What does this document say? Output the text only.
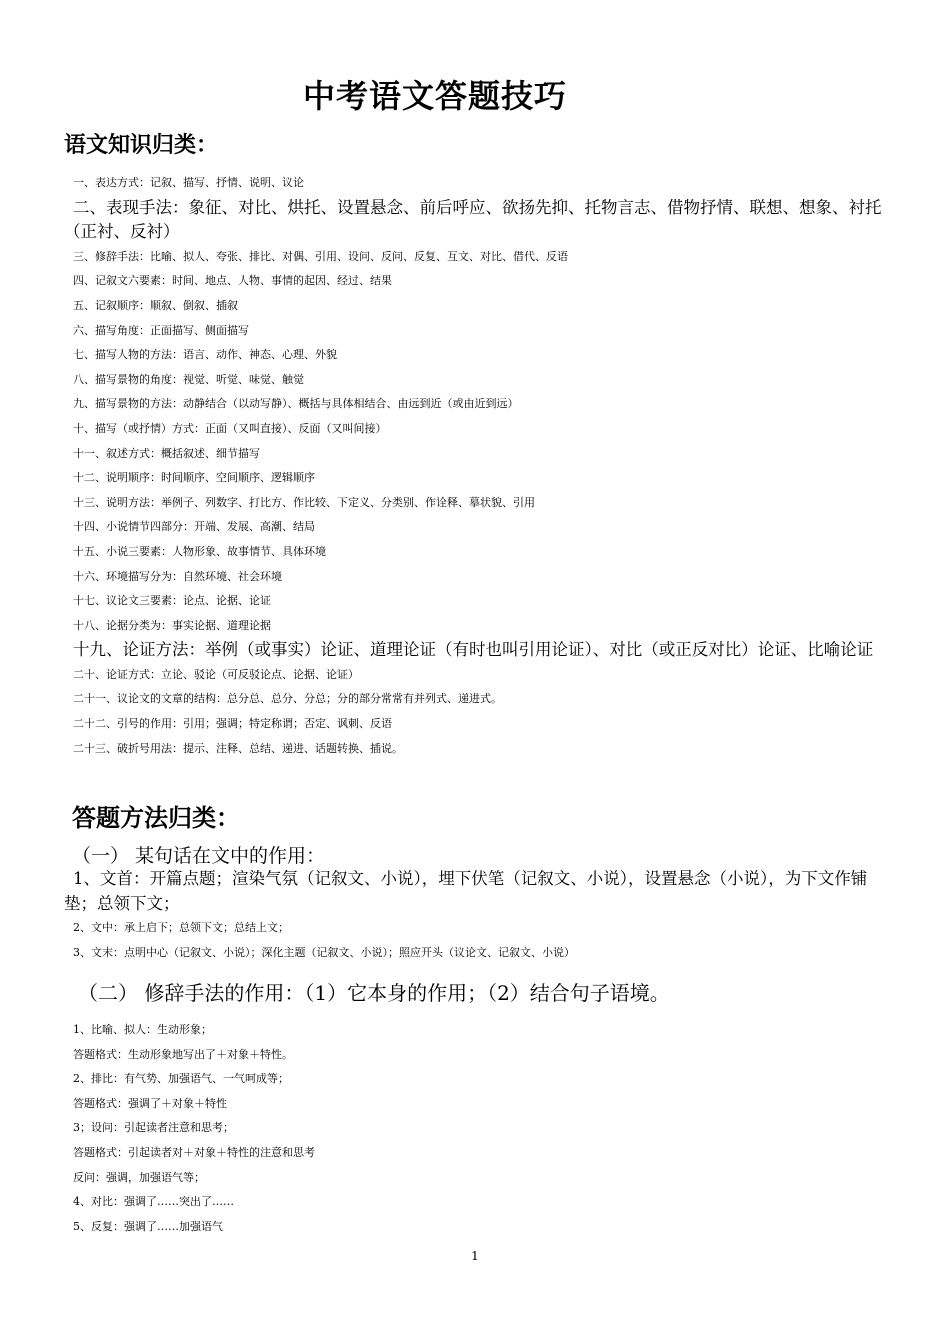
中考语文答题技巧
语文知识归类：

一、表达方式：记叙、描写、抒情、说明、议论

二、表现手法：象征、对比、烘托、设置悬念、前后呼应、欲扬先抑、托物言志、借物抒情、联想、想象、衬托（正衬、反衬）

三、修辞手法：比喻、拟人、夸张、排比、对偶、引用、设问、反问、反复、互文、对比、借代、反语

四、记叙文六要素：时间、地点、人物、事情的起因、经过、结果

五、记叙顺序：顺叙、倒叙、插叙

六、描写角度：正面描写、侧面描写

七、描写人物的方法：语言、动作、神态、心理、外貌

八、描写景物的角度：视觉、听觉、味觉、触觉

九、描写景物的方法：动静结合（以动写静）、概括与具体相结合、由远到近（或由近到远）

十、描写（或抒情）方式：正面（又叫直接）、反面（又叫间接）

十一、叙述方式：概括叙述、细节描写

十二、说明顺序：时间顺序、空间顺序、逻辑顺序

十三、说明方法：举例子、列数字、打比方、作比较、下定义、分类别、作诠释、摹状貌、引用

十四、小说情节四部分：开端、发展、高潮、结局

十五、小说三要素：人物形象、故事情节、具体环境

十六、环境描写分为：自然环境、社会环境

十七、议论文三要素：论点、论据、论证

十八、论据分类为：事实论据、道理论据

十九、论证方法：举例（或事实）论证、道理论证（有时也叫引用论证）、对比（或正反对比）论证、比喻论证

二十、论证方式：立论、驳论（可反驳论点、论据、论证）

二十一、议论文的文章的结构：总分总、总分、分总；分的部分常常有并列式、递进式。

二十二、引号的作用：引用；强调；特定称谓；否定、讽刺、反语

二十三、破折号用法：提示、注释、总结、递进、话题转换、插说。

答题方法归类：

（一） 某句话在文中的作用：

1、文首：开篇点题；渲染气氛（记叙文、小说），埋下伏笔（记叙文、小说），设置悬念（小说），为下文作铺垫；总领下文；

2、文中：承上启下；总领下文；总结上文；

3、文末：点明中心（记叙文、小说）；深化主题（记叙文、小说）；照应开头（议论文、记叙文、小说）

（二） 修辞手法的作用：（1）它本身的作用；（2）结合句子语境。

1、比喻、拟人：生动形象；

答题格式：生动形象地写出了＋对象＋特性。

2、排比：有气势、加强语气、一气呵成等；

答题格式：强调了＋对象＋特性

3；设问：引起读者注意和思考；

答题格式：引起读者对＋对象＋特性的注意和思考

反问：强调，加强语气等；

4、对比：强调了……突出了……

5、反复：强调了……加强语气

1
